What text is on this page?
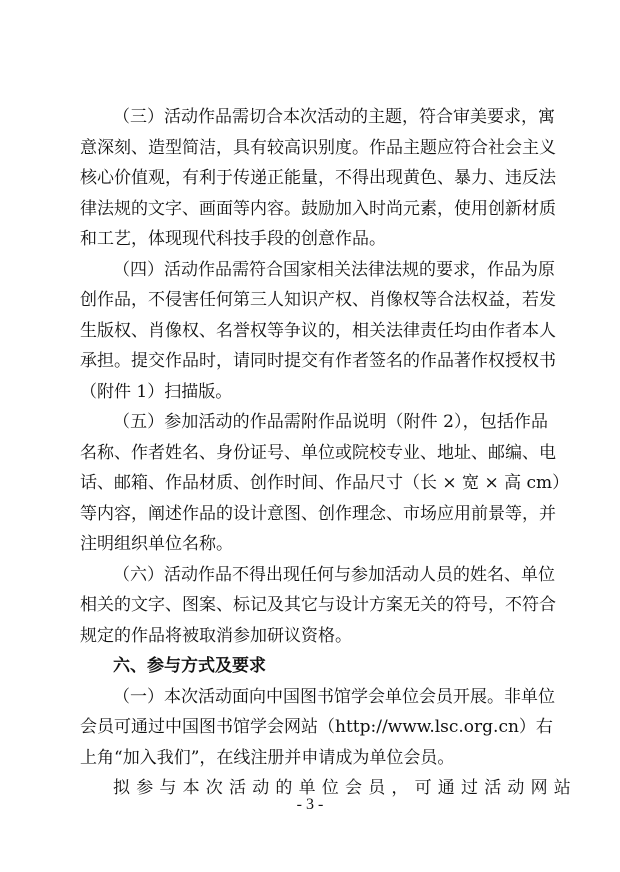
（三）活动作品需切合本次活动的主题，符合审美要求，寓
意深刻、造型简洁，具有较高识别度。作品主题应符合社会主义
核心价值观，有利于传递正能量，不得出现黄色、暴力、违反法
律法规的文字、画面等内容。鼓励加入时尚元素，使用创新材质
和工艺，体现现代科技手段的创意作品。
（四）活动作品需符合国家相关法律法规的要求，作品为原
创作品，不侵害任何第三人知识产权、肖像权等合法权益，若发
生版权、肖像权、名誉权等争议的，相关法律责任均由作者本人
承担。提交作品时，请同时提交有作者签名的作品著作权授权书
（附件 1）扫描版。
（五）参加活动的作品需附作品说明（附件 2），包括作品
名称、作者姓名、身份证号、单位或院校专业、地址、邮编、电
话、邮箱、作品材质、创作时间、作品尺寸（长 × 宽 × 高 cm）
等内容，阐述作品的设计意图、创作理念、市场应用前景等，并
注明组织单位名称。
（六）活动作品不得出现任何与参加活动人员的姓名、单位
相关的文字、图案、标记及其它与设计方案无关的符号，不符合
规定的作品将被取消参加研议资格。
六、参与方式及要求
（一）本次活动面向中国图书馆学会单位会员开展。非单位
会员可通过中国图书馆学会网站（http://www.lsc.org.cn）右
上角“加入我们”，在线注册并申请成为单位会员。
拟参与本次活动的单位会员，可通过活动网站
- 3 -
